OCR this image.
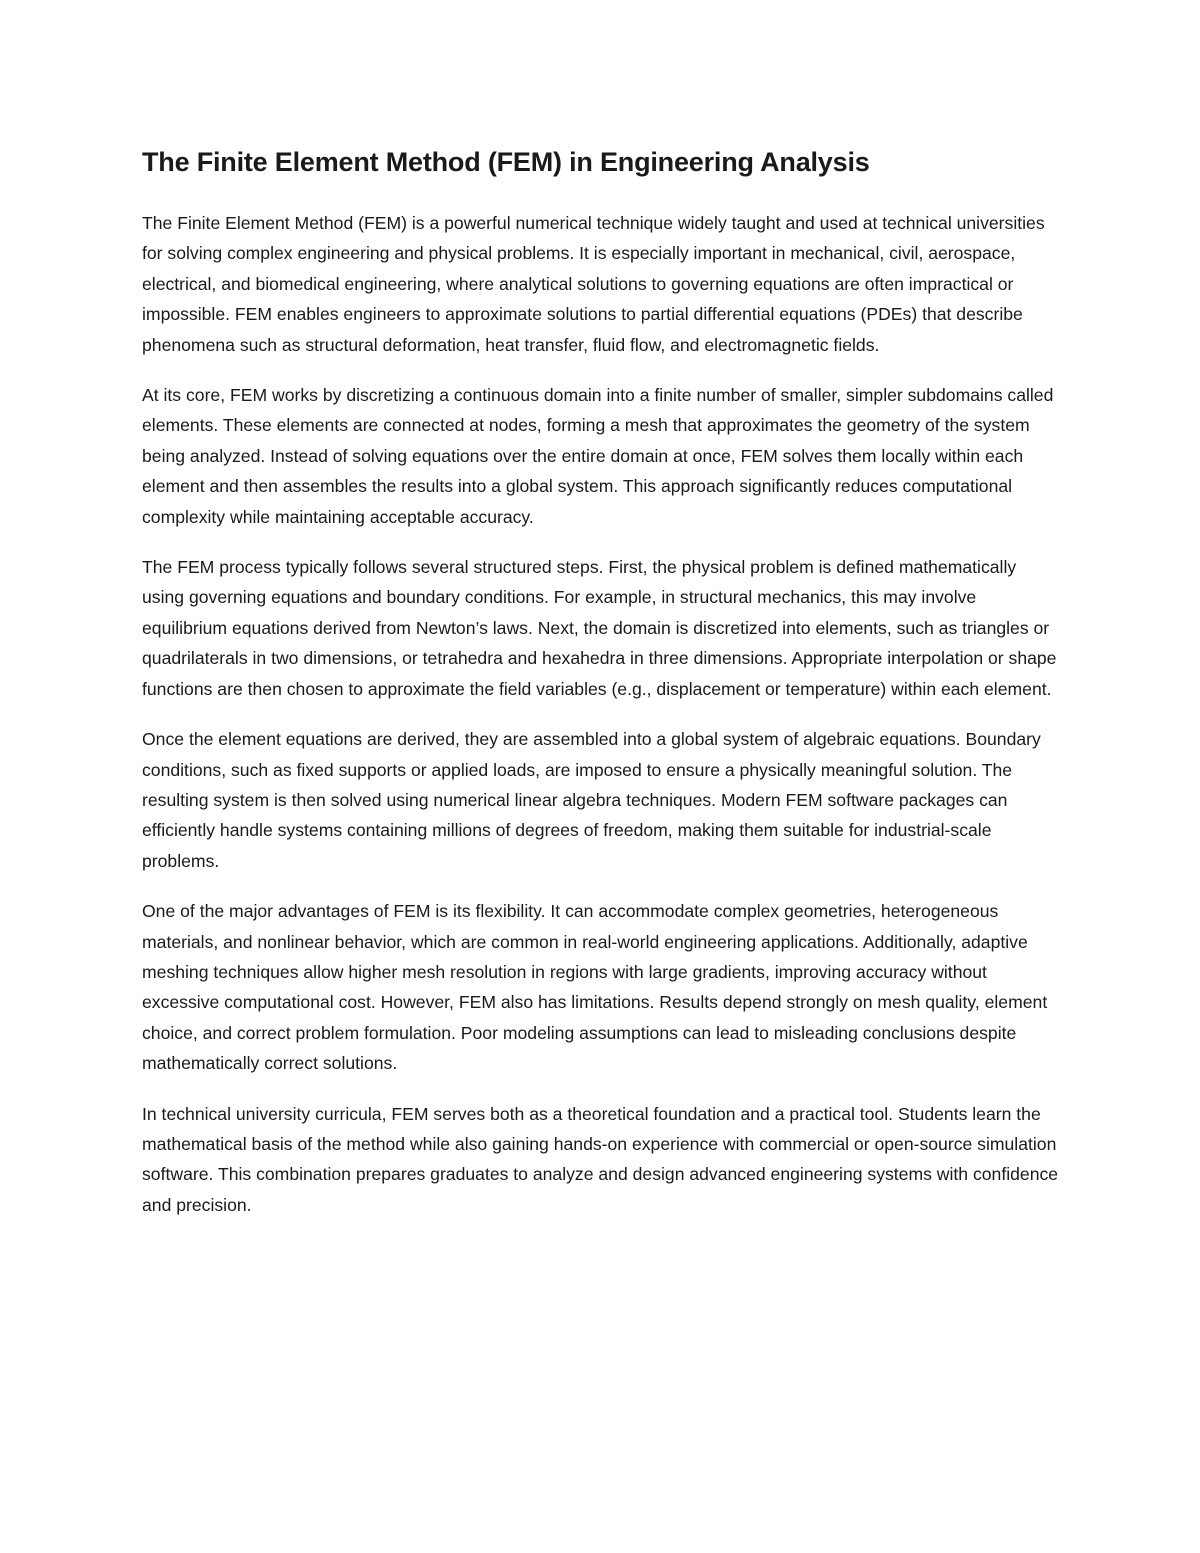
The Finite Element Method (FEM) in Engineering Analysis

The Finite Element Method (FEM) is a powerful numerical technique widely taught and used at technical universities for solving complex engineering and physical problems. It is especially important in mechanical, civil, aerospace, electrical, and biomedical engineering, where analytical solutions to governing equations are often impractical or impossible. FEM enables engineers to approximate solutions to partial differential equations (PDEs) that describe phenomena such as structural deformation, heat transfer, fluid flow, and electromagnetic fields.

At its core, FEM works by discretizing a continuous domain into a finite number of smaller, simpler subdomains called elements. These elements are connected at nodes, forming a mesh that approximates the geometry of the system being analyzed. Instead of solving equations over the entire domain at once, FEM solves them locally within each element and then assembles the results into a global system. This approach significantly reduces computational complexity while maintaining acceptable accuracy.

The FEM process typically follows several structured steps. First, the physical problem is defined mathematically using governing equations and boundary conditions. For example, in structural mechanics, this may involve equilibrium equations derived from Newton’s laws. Next, the domain is discretized into elements, such as triangles or quadrilaterals in two dimensions, or tetrahedra and hexahedra in three dimensions. Appropriate interpolation or shape functions are then chosen to approximate the field variables (e.g., displacement or temperature) within each element.

Once the element equations are derived, they are assembled into a global system of algebraic equations. Boundary conditions, such as fixed supports or applied loads, are imposed to ensure a physically meaningful solution. The resulting system is then solved using numerical linear algebra techniques. Modern FEM software packages can efficiently handle systems containing millions of degrees of freedom, making them suitable for industrial-scale problems.

One of the major advantages of FEM is its flexibility. It can accommodate complex geometries, heterogeneous materials, and nonlinear behavior, which are common in real-world engineering applications. Additionally, adaptive meshing techniques allow higher mesh resolution in regions with large gradients, improving accuracy without excessive computational cost. However, FEM also has limitations. Results depend strongly on mesh quality, element choice, and correct problem formulation. Poor modeling assumptions can lead to misleading conclusions despite mathematically correct solutions.

In technical university curricula, FEM serves both as a theoretical foundation and a practical tool. Students learn the mathematical basis of the method while also gaining hands-on experience with commercial or open-source simulation software. This combination prepares graduates to analyze and design advanced engineering systems with confidence and precision.
